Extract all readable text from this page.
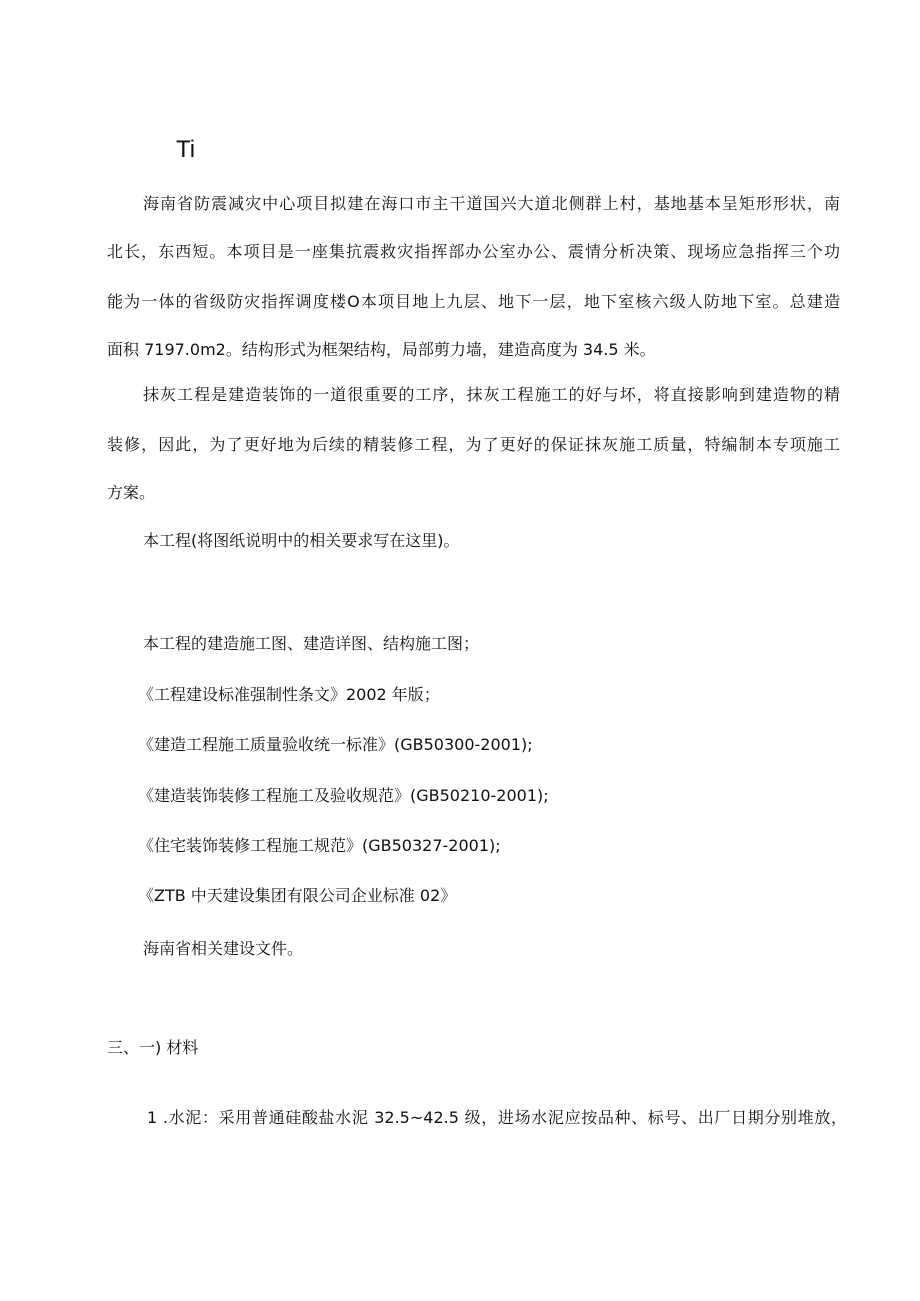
Ti
海南省防震减灾中心项目拟建在海口市主干道国兴大道北侧群上村，基地基本呈矩形形状，南
北长，东西短。本项目是一座集抗震救灾指挥部办公室办公、震情分析决策、现场应急指挥三个功
能为一体的省级防灾指挥调度楼O本项目地上九层、地下一层，地下室核六级人防地下室。总建造
面积 7197.0m2。结构形式为框架结构，局部剪力墙，建造高度为 34.5 米。
抹灰工程是建造装饰的一道很重要的工序，抹灰工程施工的好与坏，将直接影响到建造物的精
装修，因此，为了更好地为后续的精装修工程，为了更好的保证抹灰施工质量，特编制本专项施工
方案。
本工程(将图纸说明中的相关要求写在这里)。
本工程的建造施工图、建造详图、结构施工图；
《工程建设标准强制性条文》2002 年版；
《建造工程施工质量验收统一标准》(GB50300-2001);
《建造装饰装修工程施工及验收规范》(GB50210-2001);
《住宅装饰装修工程施工规范》(GB50327-2001);
《ZTB 中天建设集团有限公司企业标准 02》
海南省相关建设文件。
三、一) 材料
1 .水泥：采用普通硅酸盐水泥 32.5~42.5 级，进场水泥应按品种、标号、出厂日期分别堆放，
